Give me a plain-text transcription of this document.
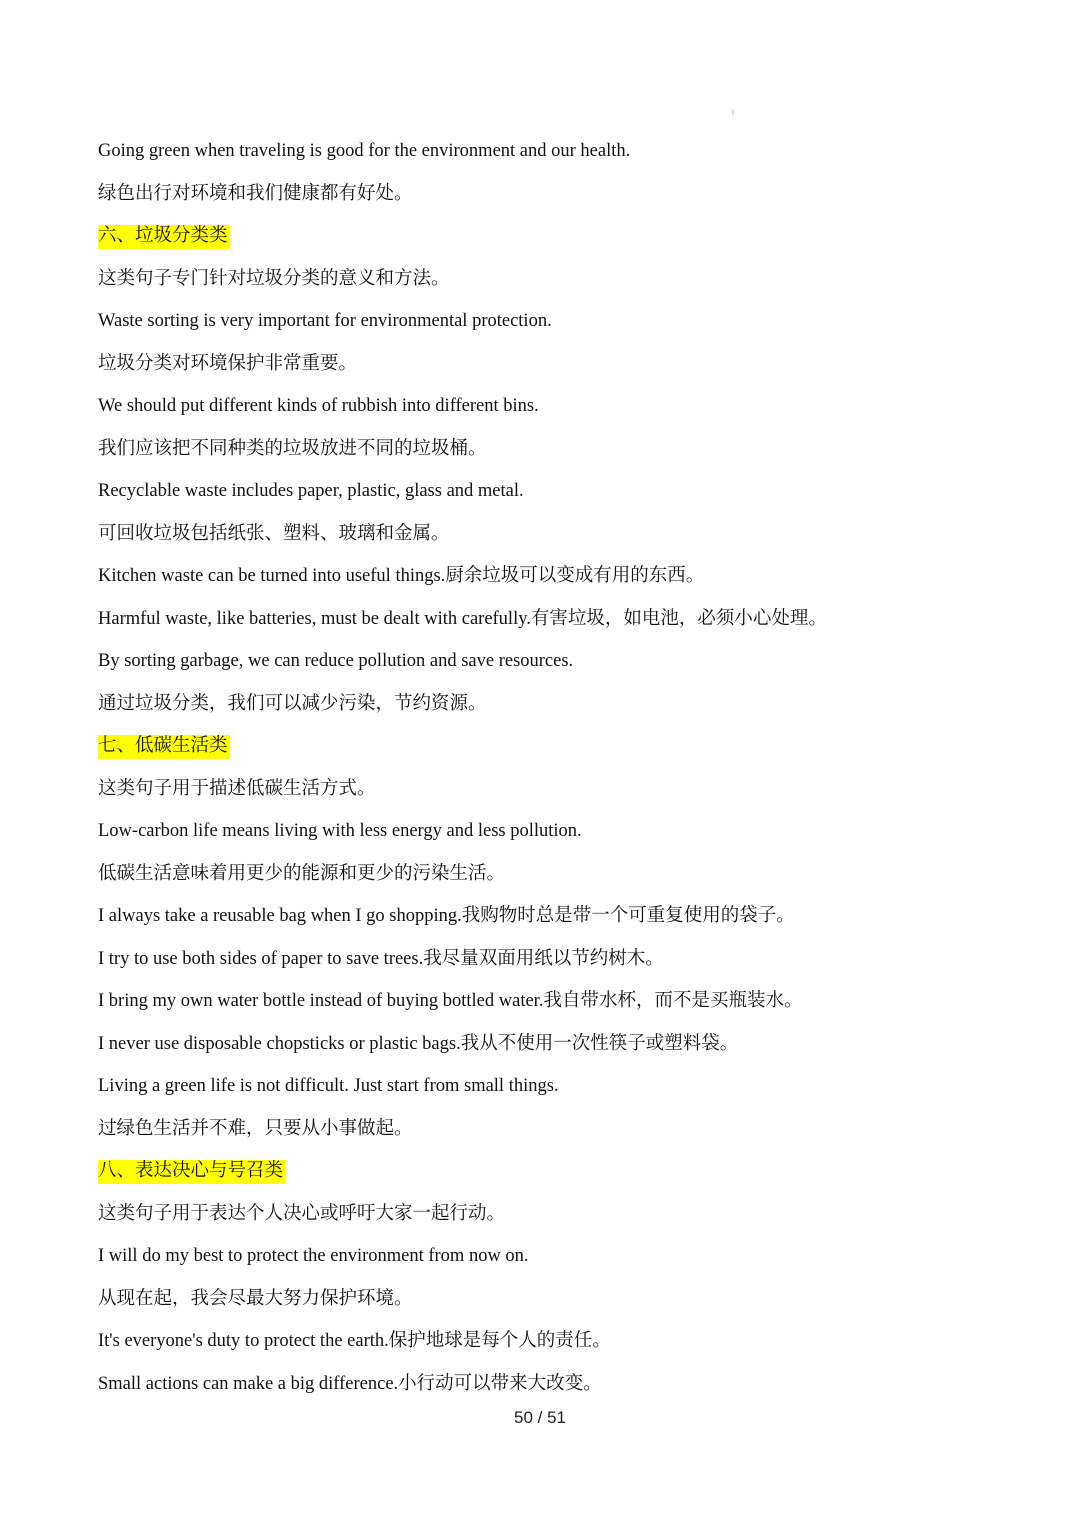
i
Going green when traveling is good for the environment and our health.
绿色出行对环境和我们健康都有好处。
六、垃圾分类类
这类句子专门针对垃圾分类的意义和方法。
Waste sorting is very important for environmental protection.
垃圾分类对环境保护非常重要。
We should put different kinds of rubbish into different bins.
我们应该把不同种类的垃圾放进不同的垃圾桶。
Recyclable waste includes paper, plastic, glass and metal.
可回收垃圾包括纸张、塑料、玻璃和金属。
Kitchen waste can be turned into useful things.厨余垃圾可以变成有用的东西。
Harmful waste, like batteries, must be dealt with carefully.有害垃圾，如电池，必须小心处理。
By sorting garbage, we can reduce pollution and save resources.
通过垃圾分类，我们可以减少污染，节约资源。
七、低碳生活类
这类句子用于描述低碳生活方式。
Low-carbon life means living with less energy and less pollution.
低碳生活意味着用更少的能源和更少的污染生活。
I always take a reusable bag when I go shopping.我购物时总是带一个可重复使用的袋子。
I try to use both sides of paper to save trees.我尽量双面用纸以节约树木。
I bring my own water bottle instead of buying bottled water.我自带水杯，而不是买瓶装水。
I never use disposable chopsticks or plastic bags.我从不使用一次性筷子或塑料袋。
Living a green life is not difficult. Just start from small things.
过绿色生活并不难，只要从小事做起。
八、表达决心与号召类
这类句子用于表达个人决心或呼吁大家一起行动。
I will do my best to protect the environment from now on.
从现在起，我会尽最大努力保护环境。
It's everyone's duty to protect the earth.保护地球是每个人的责任。
Small actions can make a big difference.小行动可以带来大改变。
50 / 51
